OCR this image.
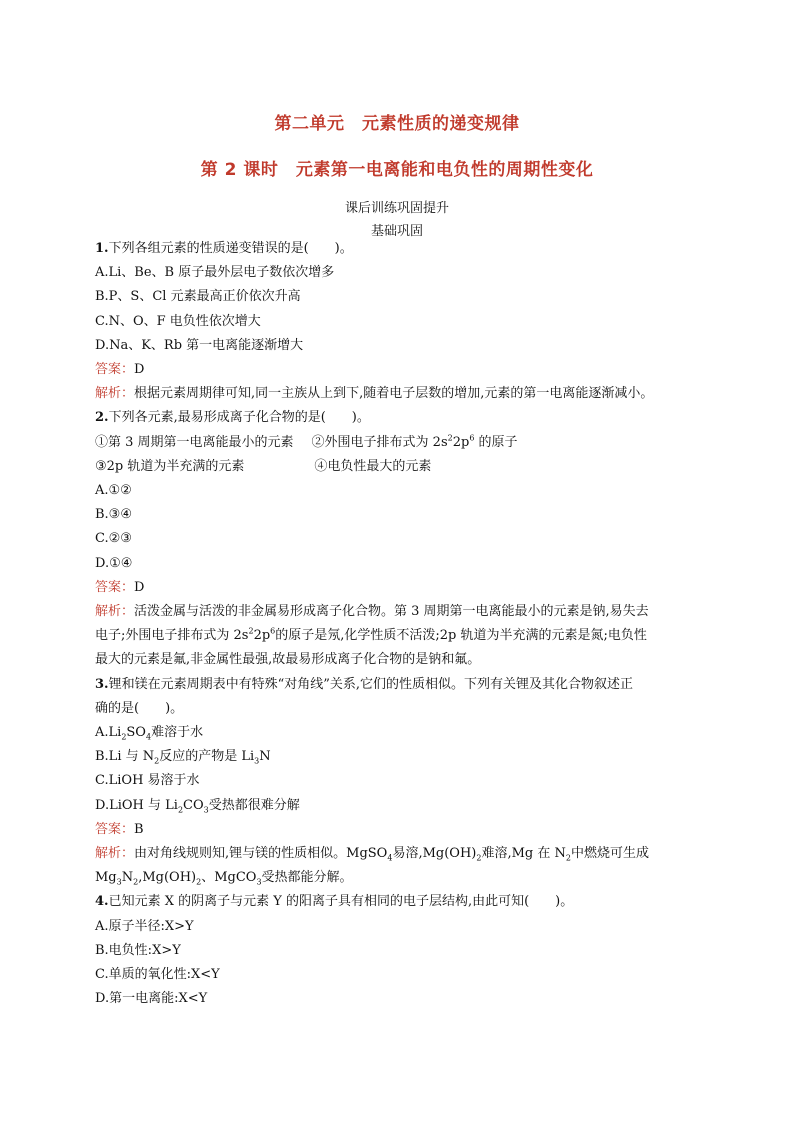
第二单元　元素性质的递变规律
第 2 课时　元素第一电离能和电负性的周期性变化
课后训练巩固提升
基础巩固
1.下列各组元素的性质递变错误的是(　　)。
A.Li、Be、B 原子最外层电子数依次增多
B.P、S、Cl 元素最高正价依次升高
C.N、O、F 电负性依次增大
D.Na、K、Rb 第一电离能逐渐增大
答案：D
解析：根据元素周期律可知,同一主族从上到下,随着电子层数的增加,元素的第一电离能逐渐减小。
2.下列各元素,最易形成离子化合物的是(　　)。
①第 3 周期第一电离能最小的元素 ②外围电子排布式为 $2s^22p^6$ 的原子
③2p 轨道为半充满的元素	④电负性最大的元素
A.①②
B.③④
C.②③
D.①④
答案：D
解析：活泼金属与活泼的非金属易形成离子化合物。第 3 周期第一电离能最小的元素是钠,易失去
电子;外围电子排布式为 $2s^22p^6$的原子是氖,化学性质不活泼;2p 轨道为半充满的元素是氮;电负性
最大的元素是氟,非金属性最强,故最易形成离子化合物的是钠和氟。
3.锂和镁在元素周期表中有特殊“对角线”关系,它们的性质相似。下列有关锂及其化合物叙述正
确的是(　　)。
$A.Li_2SO_4$难溶于水
B.Li 与 $N_2$反应的产物是 $Li_3N$
C.LiOH 易溶于水
D.LiOH 与 $Li_2CO_3$受热都很难分解
答案：B
解析：由对角线规则知,锂与镁的性质相似。MgSO$_4$易溶$,Mg(OH)_2$难溶,Mg 在 $N_2$中燃烧可生成
$Mg_3N_2,Mg(OH)_2$、MgCO$_3$受热都能分解。
4.已知元素 X 的阴离子与元素 Y 的阳离子具有相同的电子层结构,由此可知(　　)。
A.原子半径:X>Y
B.电负性:X>Y
C.单质的氧化性:X<Y
D.第一电离能:X<Y
